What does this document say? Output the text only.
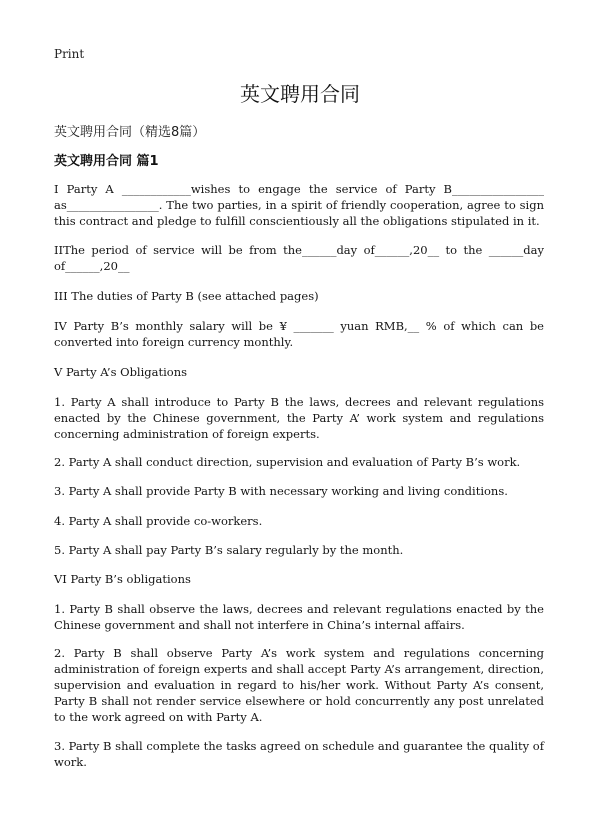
Print
英文聘用合同
英文聘用合同（精选8篇）
英文聘用合同 篇1
I Party A ____________wishes to engage the service of Party B________________ as________________. The two parties, in a spirit of friendly cooperation, agree to sign this contract and pledge to fulfill conscientiously all the obligations stipulated in it.
IIThe period of service will be from the______day of______,20__ to the ______day of______,20__
III The duties of Party B (see attached pages)
IV Party B’s monthly salary will be ¥ _______ yuan RMB,__ % of which can be converted into foreign currency monthly.
V Party A’s Obligations
1. Party A shall introduce to Party B the laws, decrees and relevant regulations enacted by the Chinese government, the Party A’ work system and regulations concerning administration of foreign experts.
2. Party A shall conduct direction, supervision and evaluation of Party B’s work.
3. Party A shall provide Party B with necessary working and living conditions.
4. Party A shall provide co-workers.
5. Party A shall pay Party B’s salary regularly by the month.
VI Party B’s obligations
1. Party B shall observe the laws, decrees and relevant regulations enacted by the Chinese government and shall not interfere in China’s internal affairs.
2. Party B shall observe Party A’s work system and regulations concerning administration of foreign experts and shall accept Party A’s arrangement, direction, supervision and evaluation in regard to his/her work. Without Party A’s consent, Party B shall not render service elsewhere or hold concurrently any post unrelated to the work agreed on with Party A.
3. Party B shall complete the tasks agreed on schedule and guarantee the quality of work.
